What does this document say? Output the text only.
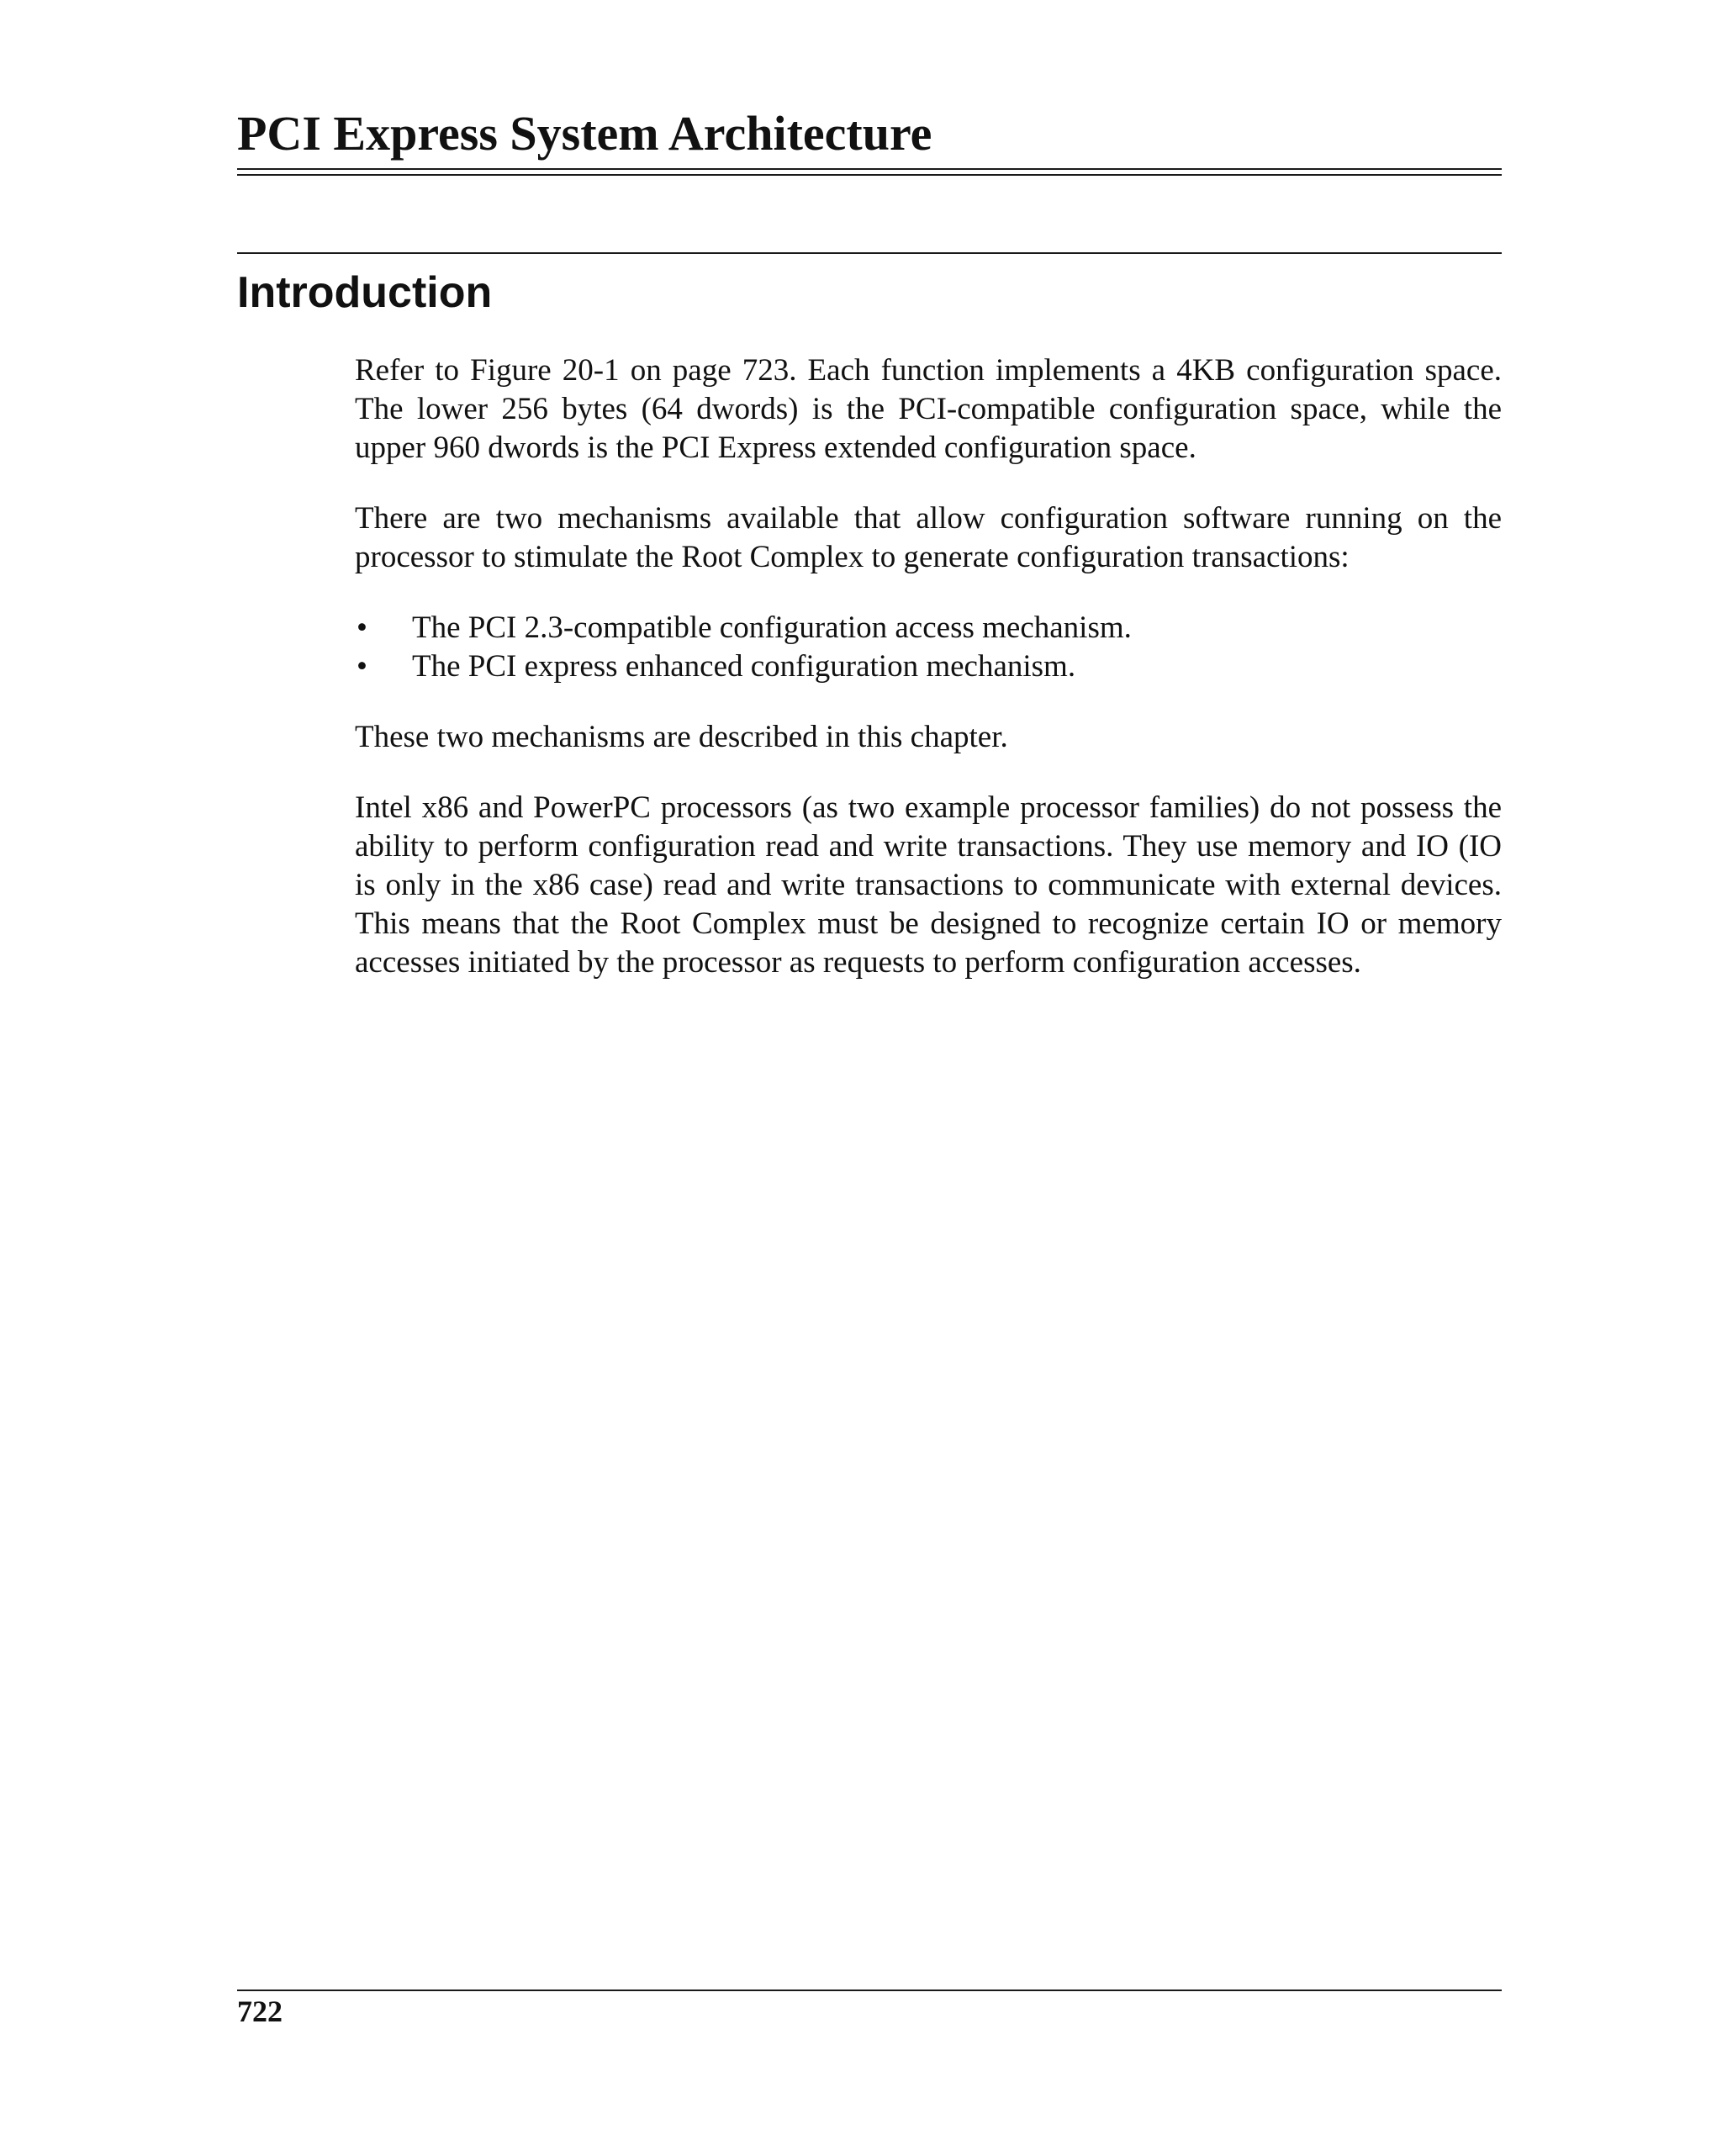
PCI Express System Architecture
Introduction

Refer to Figure 20-1 on page 723. Each function implements a 4KB configuration space. The lower 256 bytes (64 dwords) is the PCI-compatible configuration space, while the upper 960 dwords is the PCI Express extended configuration space.

There are two mechanisms available that allow configuration software running on the processor to stimulate the Root Complex to generate configuration transactions:

• The PCI 2.3-compatible configuration access mechanism.
• The PCI express enhanced configuration mechanism.

These two mechanisms are described in this chapter.

Intel x86 and PowerPC processors (as two example processor families) do not possess the ability to perform configuration read and write transactions. They use memory and IO (IO is only in the x86 case) read and write transactions to communicate with external devices. This means that the Root Complex must be designed to recognize certain IO or memory accesses initiated by the processor as requests to perform configuration accesses.

722
